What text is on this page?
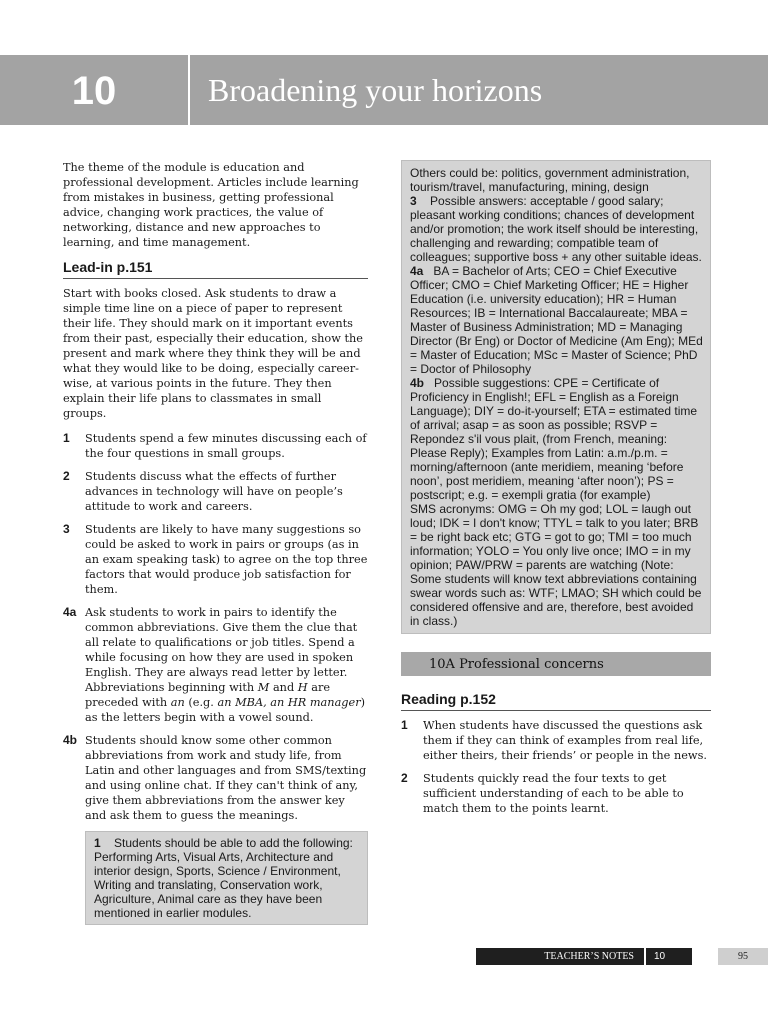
10	Broadening your horizons

The theme of the module is education and professional development. Articles include learning from mistakes in business, getting professional advice, changing work practices, the value of networking, distance and new approaches to learning, and time management.

Lead-in p.151

Start with books closed. Ask students to draw a simple time line on a piece of paper to represent their life. They should mark on it important events from their past, especially their education, show the present and mark where they think they will be and what they would like to be doing, especially career-wise, at various points in the future. They then explain their life plans to classmates in small groups.

1	Students spend a few minutes discussing each of the four questions in small groups.
2	Students discuss what the effects of further advances in technology will have on people’s attitude to work and careers.
3	Students are likely to have many suggestions so could be asked to work in pairs or groups (as in an exam speaking task) to agree on the top three factors that would produce job satisfaction for them.
4a Ask students to work in pairs to identify the common abbreviations. Give them the clue that all relate to qualifications or job titles. Spend a while focusing on how they are used in spoken English. They are always read letter by letter. Abbreviations beginning with M and H are preceded with an (e.g. an MBA, an HR manager) as the letters begin with a vowel sound.
4b Students should know some other common abbreviations from work and study life, from Latin and other languages and from SMS/texting and using online chat. If they can't think of any, give them abbreviations from the answer key and ask them to guess the meanings.
1 Students should be able to add the following: Performing Arts, Visual Arts, Architecture and interior design, Sports, Science / Environment, Writing and translating, Conservation work, Agriculture, Animal care as they have been mentioned in earlier modules.
Others could be: politics, government administration, tourism/travel, manufacturing, mining, design
3 Possible answers: acceptable / good salary; pleasant working conditions; chances of development and/or promotion; the work itself should be interesting, challenging and rewarding; compatible team of colleagues; supportive boss + any other suitable ideas.
4a BA = Bachelor of Arts; CEO = Chief Executive Officer; CMO = Chief Marketing Officer; HE = Higher Education (i.e. university education); HR = Human Resources; IB = International Baccalaureate; MBA = Master of Business Administration; MD = Managing Director (Br Eng) or Doctor of Medicine (Am Eng); MEd = Master of Education; MSc = Master of Science; PhD = Doctor of Philosophy
4b Possible suggestions: CPE = Certificate of Proficiency in English!; EFL = English as a Foreign Language); DIY = do-it-yourself; ETA = estimated time of arrival; asap = as soon as possible; RSVP = Repondez s'il vous plait, (from French, meaning: Please Reply); Examples from Latin: a.m./p.m. = morning/afternoon (ante meridiem, meaning ‘before noon’, post meridiem, meaning ‘after noon’); PS = postscript; e.g. = exempli gratia (for example)
SMS acronyms: OMG = Oh my god; LOL = laugh out loud; IDK = I don't know; TTYL = talk to you later; BRB = be right back etc; GTG = got to go; TMI = too much information; YOLO = You only live once; IMO = in my opinion; PAW/PRW = parents are watching (Note: Some students will know text abbreviations containing swear words such as: WTF; LMAO; SH which could be considered offensive and are, therefore, best avoided in class.)
10A Professional concerns
Reading p.152
1	When students have discussed the questions ask them if they can think of examples from real life, either theirs, their friends’ or people in the news.
2	Students quickly read the four texts to get sufficient understanding of each to be able to match them to the points learnt.
TEACHER’S NOTES	10	95
